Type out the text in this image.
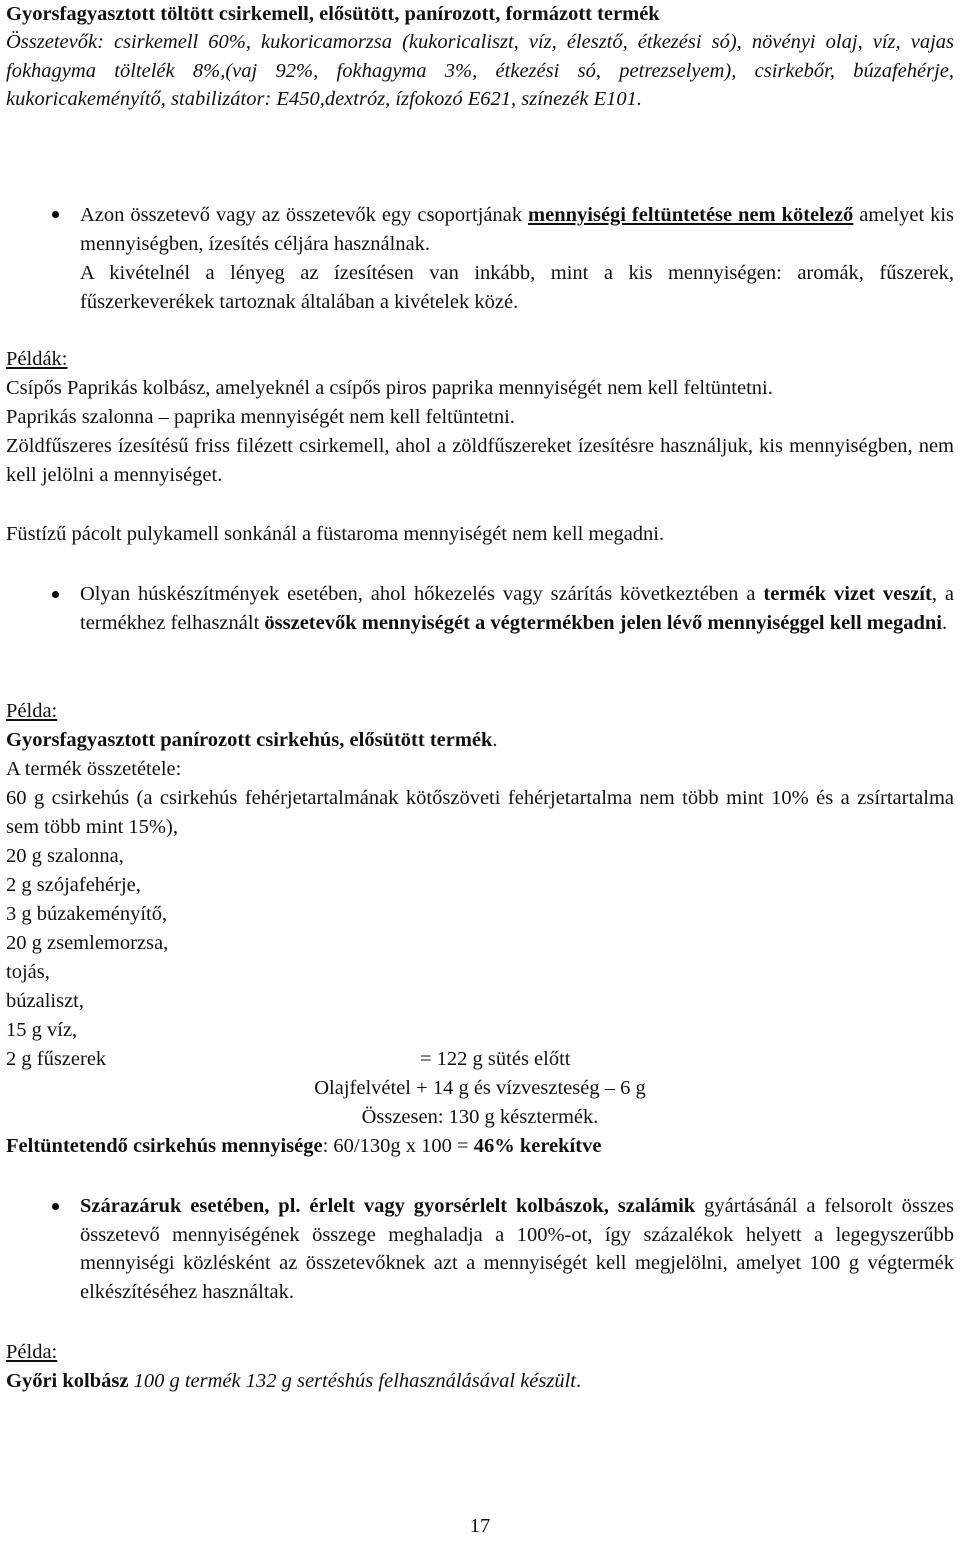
Gyorsfagyasztott töltött csirkemell, elősütött, panírozott, formázott termék

Összetevők: csirkemell 60%, kukoricamorzsa (kukoricaliszt, víz, élesztő, étkezési só), növényi olaj, víz, vajas fokhagyma töltelék 8%,(vaj 92%, fokhagyma 3%, étkezési só, petrezselyem), csirkebőr, búzafehérje, kukoricakeményítő, stabilizátor: E450,dextróz, ízfokozó E621, színezék E101.

Azon összetevő vagy az összetevők egy csoportjának mennyiségi feltüntetése nem kötelező amelyet kis mennyiségben, ízesítés céljára használnak.

A kivételnél a lényeg az ízesítésen van inkább, mint a kis mennyiségen: aromák, fűszerek, fűszerkeverékek tartoznak általában a kivételek közé.

Példák:

Csípős Paprikás kolbász, amelyeknél a csípős piros paprika mennyiségét nem kell feltüntetni.

Paprikás szalonna – paprika mennyiségét nem kell feltüntetni.

Zöldfűszeres ízesítésű friss filézett csirkemell, ahol a zöldfűszereket ízesítésre használjuk, kis mennyiségben, nem kell jelölni a mennyiséget.

Füstízű pácolt pulykamell sonkánál a füstaroma mennyiségét nem kell megadni.

Olyan húskészítmények esetében, ahol hőkezelés vagy szárítás következtében a termék vizet veszít, a termékhez felhasznált összetevők mennyiségét a végtermékben jelen lévő mennyiséggel kell megadni.

Példa:

Gyorsfagyasztott panírozott csirkehús, elősütött termék.

A termék összetétele:

60 g csirkehús (a csirkehús fehérjetartalmának kötőszöveti fehérjetartalma nem több mint 10% és a zsírtartalma sem több mint 15%),

20 g szalonna,

2 g szójafehérje,

3 g búzakeményítő,

20 g zsemlemorzsa,

tojás,

búzaliszt,

15 g víz,

2 g fűszerek	= 122 g sütés előtt

Olajfelvétel + 14 g és vízveszteség – 6 g

Összesen: 130 g késztermék.

Feltüntetendő csirkehús mennyisége: 60/130g x 100 = 46% kerekítve

Szárazáruk esetében, pl. érlelt vagy gyorsérlelt kolbászok, szalámik gyártásánál a felsorolt összes összetevő mennyiségének összege meghaladja a 100%-ot, így százalékok helyett a legegyszerűbb mennyiségi közlésként az összetevőknek azt a mennyiségét kell megjelölni, amelyet 100 g végtermék elkészítéséhez használtak.

Példa:

Győri kolbász 100 g termék 132 g sertéshús felhasználásával készült.

17
